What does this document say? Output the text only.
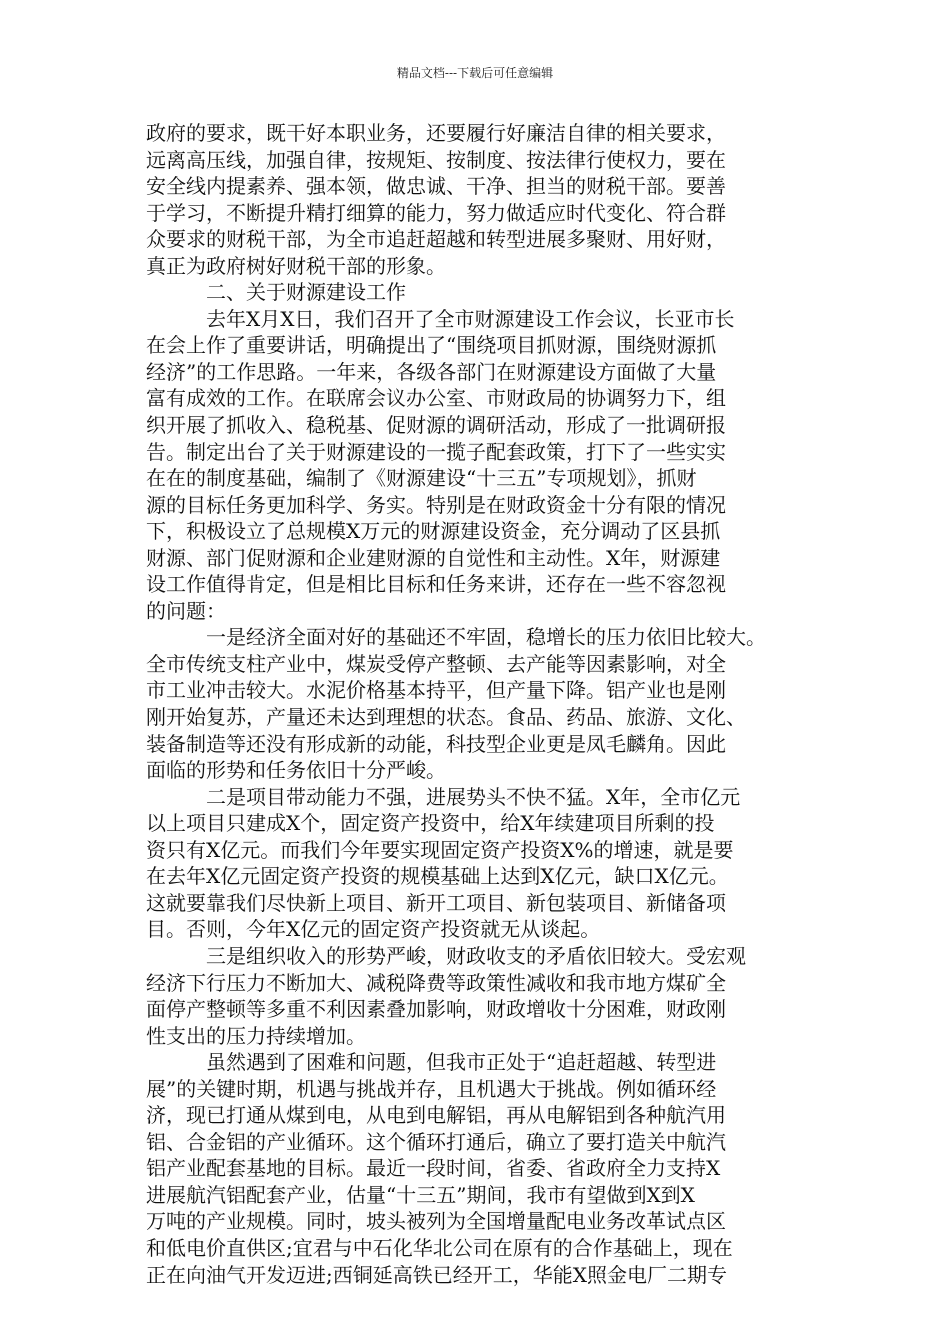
精品文档---下载后可任意编辑
政府的要求，既干好本职业务，还要履行好廉洁自律的相关要求，
远离高压线，加强自律，按规矩、按制度、按法律行使权力，要在
安全线内提素养、强本领，做忠诚、干净、担当的财税干部。要善
于学习，不断提升精打细算的能力，努力做适应时代变化、符合群
众要求的财税干部，为全市追赶超越和转型进展多聚财、用好财，
真正为政府树好财税干部的形象。
二、关于财源建设工作
去年X月X日，我们召开了全市财源建设工作会议，长亚市长
在会上作了重要讲话，明确提出了“围绕项目抓财源，围绕财源抓
经济”的工作思路。一年来，各级各部门在财源建设方面做了大量
富有成效的工作。在联席会议办公室、市财政局的协调努力下，组
织开展了抓收入、稳税基、促财源的调研活动，形成了一批调研报
告。制定出台了关于财源建设的一揽子配套政策，打下了一些实实
在在的制度基础，编制了《财源建设“十三五”专项规划》，抓财
源的目标任务更加科学、务实。特别是在财政资金十分有限的情况
下，积极设立了总规模X万元的财源建设资金，充分调动了区县抓
财源、部门促财源和企业建财源的自觉性和主动性。X年，财源建
设工作值得肯定，但是相比目标和任务来讲，还存在一些不容忽视
的问题：
一是经济全面对好的基础还不牢固，稳增长的压力依旧比较大。
全市传统支柱产业中，煤炭受停产整顿、去产能等因素影响，对全
市工业冲击较大。水泥价格基本持平，但产量下降。铝产业也是刚
刚开始复苏，产量还未达到理想的状态。食品、药品、旅游、文化、
装备制造等还没有形成新的动能，科技型企业更是凤毛麟角。因此
面临的形势和任务依旧十分严峻。
二是项目带动能力不强，进展势头不快不猛。X年，全市亿元
以上项目只建成X个，固定资产投资中，给X年续建项目所剩的投
资只有X亿元。而我们今年要实现固定资产投资X%的增速，就是要
在去年X亿元固定资产投资的规模基础上达到X亿元，缺口X亿元。
这就要靠我们尽快新上项目、新开工项目、新包装项目、新储备项
目。否则，今年X亿元的固定资产投资就无从谈起。
三是组织收入的形势严峻，财政收支的矛盾依旧较大。受宏观
经济下行压力不断加大、减税降费等政策性减收和我市地方煤矿全
面停产整顿等多重不利因素叠加影响，财政增收十分困难，财政刚
性支出的压力持续增加。
虽然遇到了困难和问题，但我市正处于“追赶超越、转型进
展”的关键时期，机遇与挑战并存，且机遇大于挑战。例如循环经
济，现已打通从煤到电，从电到电解铝，再从电解铝到各种航汽用
铝、合金铝的产业循环。这个循环打通后，确立了要打造关中航汽
铝产业配套基地的目标。最近一段时间，省委、省政府全力支持X
进展航汽铝配套产业，估量“十三五”期间，我市有望做到X到X
万吨的产业规模。同时，坡头被列为全国增量配电业务改革试点区
和低电价直供区;宜君与中石化华北公司在原有的合作基础上，现在
正在向油气开发迈进;西铜延高铁已经开工，华能X照金电厂二期专
